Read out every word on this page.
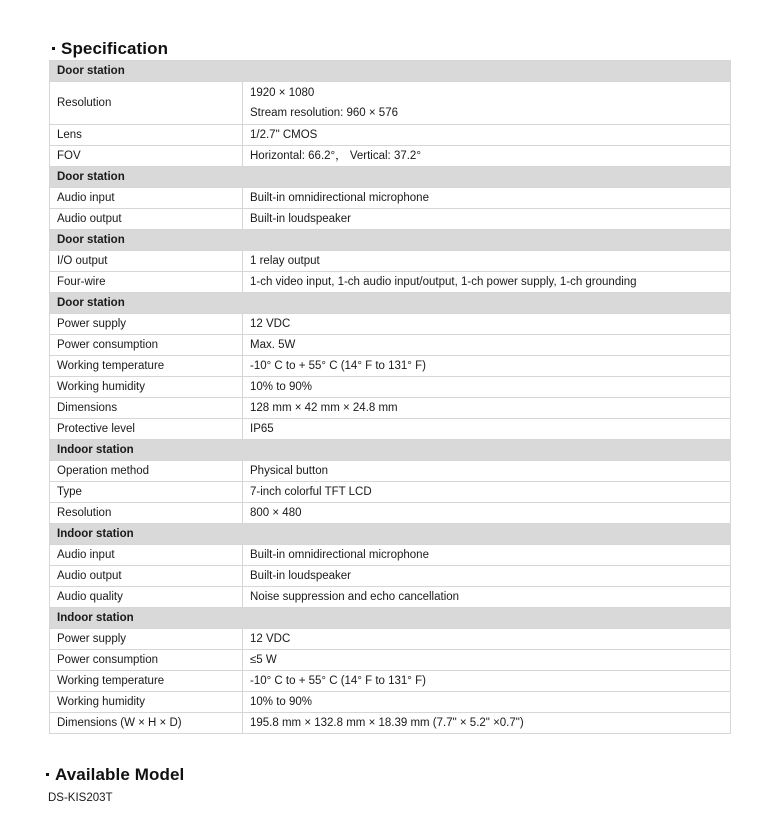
Specification
Door station	
Resolution	1920 × 1080
Stream resolution: 960 × 576

Lens	1/2.7" CMOS

FOV	Horizontal: 66.2°， Vertical: 37.2°

Door station	
Audio input	Built-in omnidirectional microphone

Audio output	Built-in loudspeaker

Door station	
I/O output	1 relay output

Four-wire	1-ch video input, 1-ch audio input/output, 1-ch power supply, 1-ch grounding

Door station	
Power supply	12 VDC

Power consumption	Max. 5W

Working temperature	-10° C to + 55° C (14° F to 131° F)

Working humidity	10% to 90%

Dimensions	128 mm × 42 mm × 24.8 mm

Protective level	IP65

Indoor station	
Operation method	Physical button

Type	7-inch colorful TFT LCD

Resolution	800 × 480

Indoor station	
Audio input	Built-in omnidirectional microphone

Audio output	Built-in loudspeaker

Audio quality	Noise suppression and echo cancellation

Indoor station	
Power supply	12 VDC

Power consumption	≤5 W

Working temperature	-10° C to + 55° C (14° F to 131° F)

Working humidity	10% to 90%

Dimensions (W × H × D)	195.8 mm × 132.8 mm × 18.39 mm (7.7" × 5.2" ×0.7")
Available Model
DS-KIS203T
